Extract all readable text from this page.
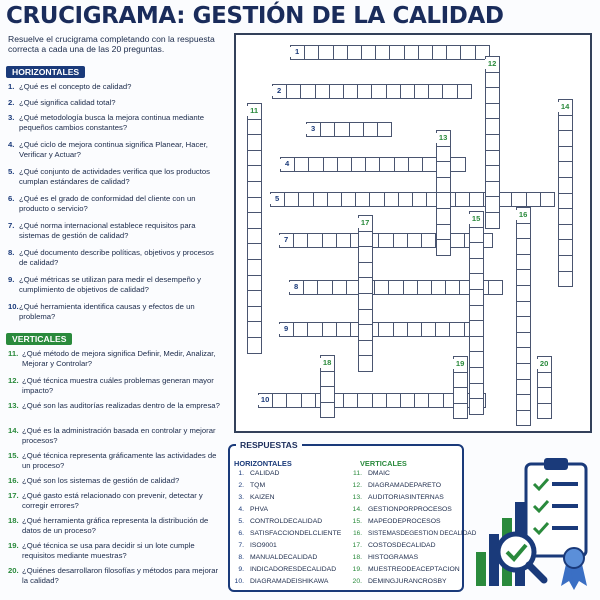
CRUCIGRAMA: GESTIÓN DE LA CALIDAD
Resuelve el crucigrama completando con la respuesta correcta a cada una de las 20 preguntas.
HORIZONTALES
VERTICALES
1. ¿Qué es el concepto de calidad?
2. ¿Qué significa calidad total?
3. ¿Qué metodología busca la mejora continua mediante pequeños cambios constantes?
4. ¿Qué ciclo de mejora continua significa Planear, Hacer, Verificar y Actuar?
5. ¿Qué conjunto de actividades verifica que los productos cumplan estándares de calidad?
6. ¿Qué es el grado de conformidad del cliente con un producto o servicio?
7. ¿Qué norma internacional establece requisitos para sistemas de gestión de calidad?
8. ¿Qué documento describe políticas, objetivos y procesos de calidad?
9. ¿Qué métricas se utilizan para medir el desempeño y cumplimiento de objetivos de calidad?
10. ¿Qué herramienta identifica causas y efectos de un problema?
11. ¿Qué método de mejora significa Definir, Medir, Analizar, Mejorar y Controlar?
12. ¿Qué técnica muestra cuáles problemas generan mayor impacto?
13. ¿Qué son las auditorías realizadas dentro de la empresa?
14. ¿Qué es la administración basada en controlar y mejorar procesos?
15. ¿Qué técnica representa gráficamente las actividades de un proceso?
16. ¿Qué son los sistemas de gestión de calidad?
17. ¿Qué gasto está relacionado con prevenir, detectar y corregir errores?
18. ¿Qué herramienta gráfica representa la distribución de datos de un proceso?
19. ¿Qué técnica se usa para decidir si un lote cumple requisitos mediante muestras?
20. ¿Quiénes desarrollaron filosofías y métodos para mejorar la calidad?
1
2
3
4
5
7
8
9
10
11
12
13
14
15	16
17
18	19	20
RESPUESTAS
HORIZONTALES	VERTICALES
1. CALIDAD
2. TQM
3. KAIZEN
4. PHVA
5. CONTROLDECALIDAD
6. SATISFACCIONDELCLIENTE
7. ISO9001
8. MANUALDECALIDAD
9. INDICADORESDECALIDAD
10. DIAGRAMADEISHIKAWA
11. DMAIC
12. DIAGRAMADEPARETO
13. AUDITORIASINTERNAS
14. GESTIONPORPROCESOS
15. MAPEODEPROCESOS
16. SISTEMASDEGESTION DECALIDAD
17. COSTOSDECALIDAD
18. HISTOGRAMAS
19. MUESTREODEACEPTACION
20. DEMINGJURANCROSBY
